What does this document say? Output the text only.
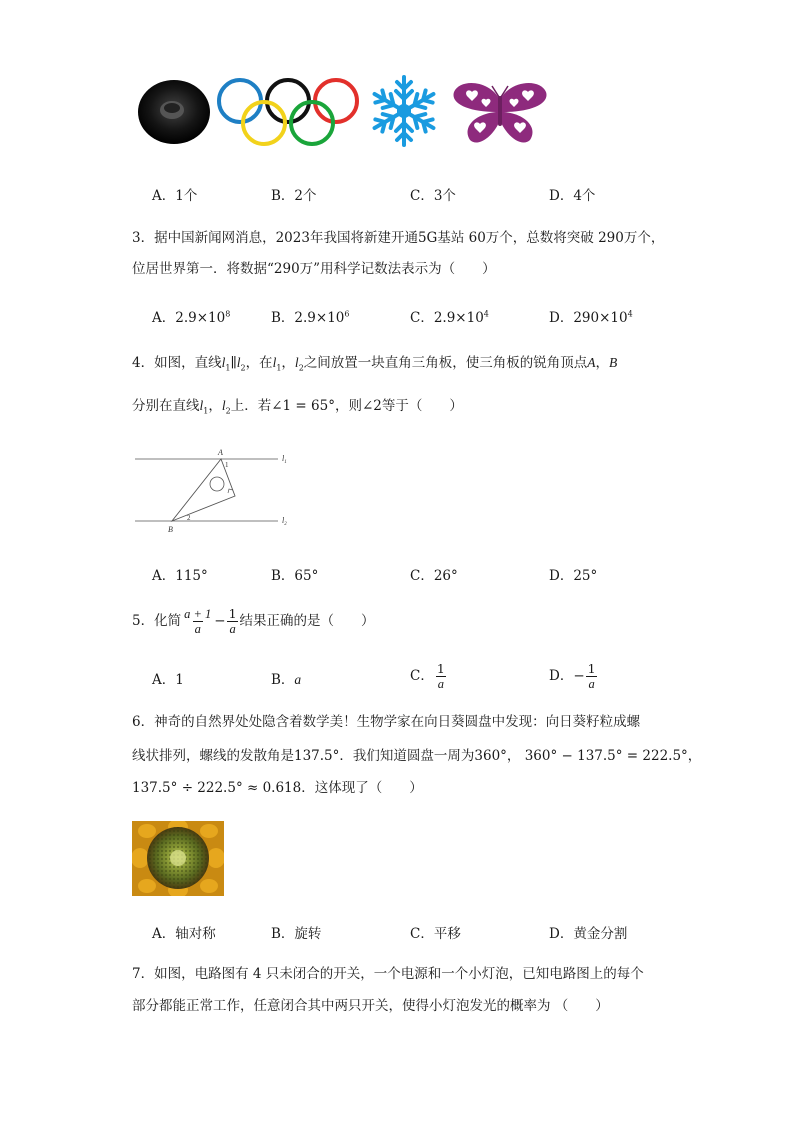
A．1个	B．2个	C．3个	D．4个
3．据中国新闻网消息，2023年我国将新建开通5G基站 60万个，总数将突破 290万个，
位居世界第一．将数据“290万”用科学记数法表示为（　　）
A．$2.9\times 10^8$	B．$2.9\times 10^6$	C．$2.9\times 10^4$	D．$290\times 10^4$
4．如图，直线$l_1\parallel l_2$，在$l_1$，$l_2$之间放置一块直角三角板，使三角板的锐角顶点A，B
分别在直线$l_1$，$l_2$上．若∠1 = 65°，则∠2等于（　　）
A
1
B
2
$l_1$
$l_2$
A．115°	B．65°	C．26°	D．25°
5．化简 $\frac{a + 1}{a} - \frac{1}{a}$ 结果正确的是（　　）
A．1	B．a	C． $\frac{1}{a}$	D．− $\frac{1}{a}$
6．神奇的自然界处处隐含着数学美！生物学家在向日葵圆盘中发现：向日葵籽粒成螺
线状排列，螺线的发散角是137.5°．我们知道圆盘一周为360°， 360° − 137.5° = 222.5°，
137.5° ÷ 222.5° ≈ 0.618．这体现了（　　）
A．轴对称	B．旋转	C．平移	D．黄金分割
7．如图，电路图有 4 只未闭合的开关，一个电源和一个小灯泡，已知电路图上的每个
部分都能正常工作，任意闭合其中两只开关，使得小灯泡发光的概率为 （　　）
